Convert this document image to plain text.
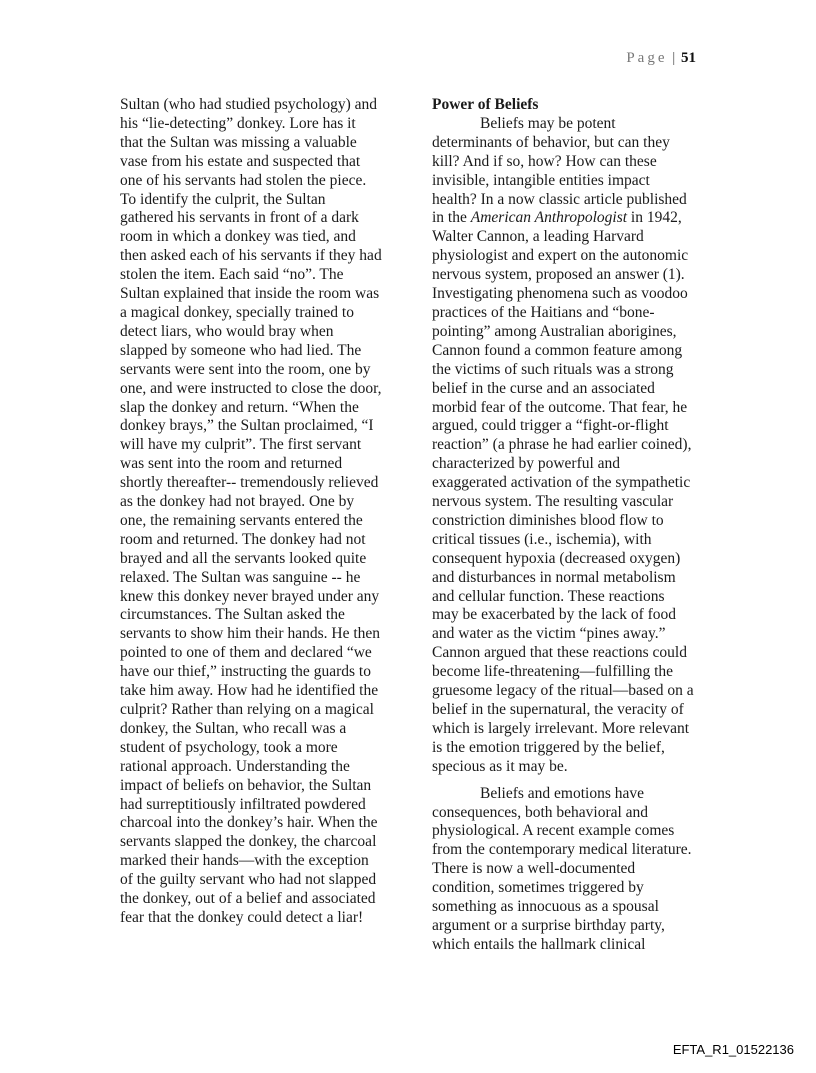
Page | 51

Sultan (who had studied psychology) and his “lie-detecting” donkey. Lore has it that the Sultan was missing a valuable vase from his estate and suspected that one of his servants had stolen the piece. To identify the culprit, the Sultan gathered his servants in front of a dark room in which a donkey was tied, and then asked each of his servants if they had stolen the item. Each said “no”. The Sultan explained that inside the room was a magical donkey, specially trained to detect liars, who would bray when slapped by someone who had lied. The servants were sent into the room, one by one, and were instructed to close the door, slap the donkey and return. “When the donkey brays,” the Sultan proclaimed, “I will have my culprit”. The first servant was sent into the room and returned shortly thereafter-- tremendously relieved as the donkey had not brayed. One by one, the remaining servants entered the room and returned. The donkey had not brayed and all the servants looked quite relaxed. The Sultan was sanguine -- he knew this donkey never brayed under any circumstances. The Sultan asked the servants to show him their hands. He then pointed to one of them and declared “we have our thief,” instructing the guards to take him away. How had he identified the culprit? Rather than relying on a magical donkey, the Sultan, who recall was a student of psychology, took a more rational approach. Understanding the impact of beliefs on behavior, the Sultan had surreptitiously infiltrated powdered charcoal into the donkey’s hair. When the servants slapped the donkey, the charcoal marked their hands—with the exception of the guilty servant who had not slapped the donkey, out of a belief and associated fear that the donkey could detect a liar!

Power of Beliefs

Beliefs may be potent determinants of behavior, but can they kill? And if so, how? How can these invisible, intangible entities impact health? In a now classic article published in the American Anthropologist in 1942, Walter Cannon, a leading Harvard physiologist and expert on the autonomic nervous system, proposed an answer (1). Investigating phenomena such as voodoo practices of the Haitians and “bone-pointing” among Australian aborigines, Cannon found a common feature among the victims of such rituals was a strong belief in the curse and an associated morbid fear of the outcome. That fear, he argued, could trigger a “fight-or-flight reaction” (a phrase he had earlier coined), characterized by powerful and exaggerated activation of the sympathetic nervous system. The resulting vascular constriction diminishes blood flow to critical tissues (i.e., ischemia), with consequent hypoxia (decreased oxygen) and disturbances in normal metabolism and cellular function. These reactions may be exacerbated by the lack of food and water as the victim “pines away.” Cannon argued that these reactions could become life-threatening—fulfilling the gruesome legacy of the ritual—based on a belief in the supernatural, the veracity of which is largely irrelevant. More relevant is the emotion triggered by the belief, specious as it may be.

Beliefs and emotions have consequences, both behavioral and physiological. A recent example comes from the contemporary medical literature. There is now a well-documented condition, sometimes triggered by something as innocuous as a spousal argument or a surprise birthday party, which entails the hallmark clinical

EFTA_R1_01522136
